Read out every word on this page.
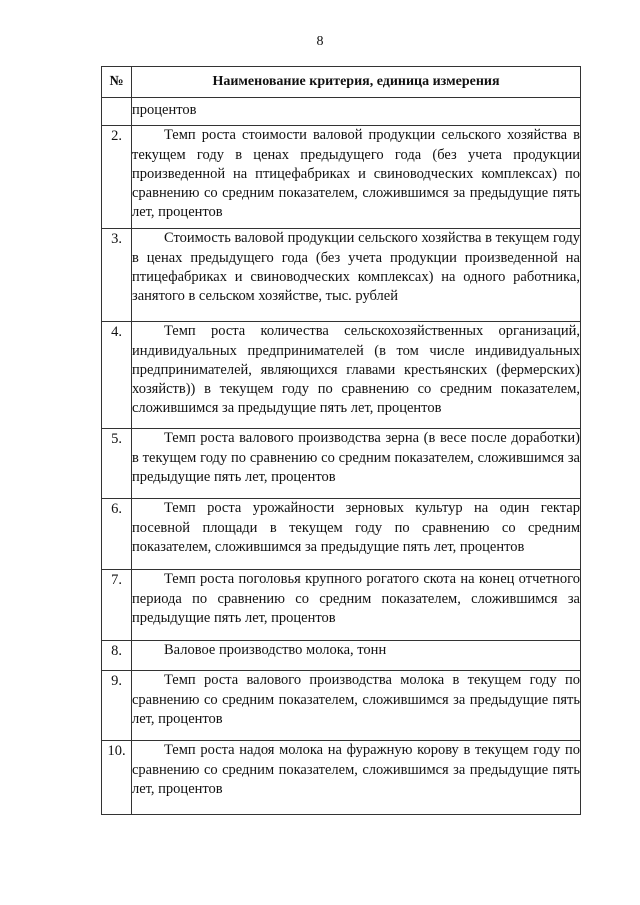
8
№	Наименование критерия, единица измерения
	процентов
2.	Темп роста стоимости валовой продукции сельского хозяйства в текущем году в ценах предыдущего года (без учета продукции произведенной на птицефабриках и свиноводческих комплексах) по сравнению со средним показателем, сложившимся за предыдущие пять лет, процентов

3.	Стоимость валовой продукции сельского хозяйства в текущем году в ценах предыдущего года (без учета продукции произведенной на птицефабриках и свиноводческих комплексах) на одного работника, занятого в сельском хозяйстве, тыс. рублей

4.	Темп роста количества сельскохозяйственных организаций, индивидуальных предпринимателей (в том числе индивидуальных предпринимателей, являющихся главами крестьянских (фермерских) хозяйств)) в текущем году по сравнению со средним показателем, сложившимся за предыдущие пять лет, процентов

5.	Темп роста валового производства зерна (в весе после доработки) в текущем году по сравнению со средним показателем, сложившимся за предыдущие пять лет, процентов

6.	Темп роста урожайности зерновых культур на один гектар посевной площади в текущем году по сравнению со средним показателем, сложившимся за предыдущие пять лет, процентов

7.	Темп роста поголовья крупного рогатого скота на конец отчетного периода по сравнению со средним показателем, сложившимся за предыдущие пять лет, процентов

8.	Валовое производство молока, тонн

9.	Темп роста валового производства молока в текущем году по сравнению со средним показателем, сложившимся за предыдущие пять лет, процентов

10.	Темп роста надоя молока на фуражную корову в текущем году по сравнению со средним показателем, сложившимся за предыдущие пять лет, процентов
